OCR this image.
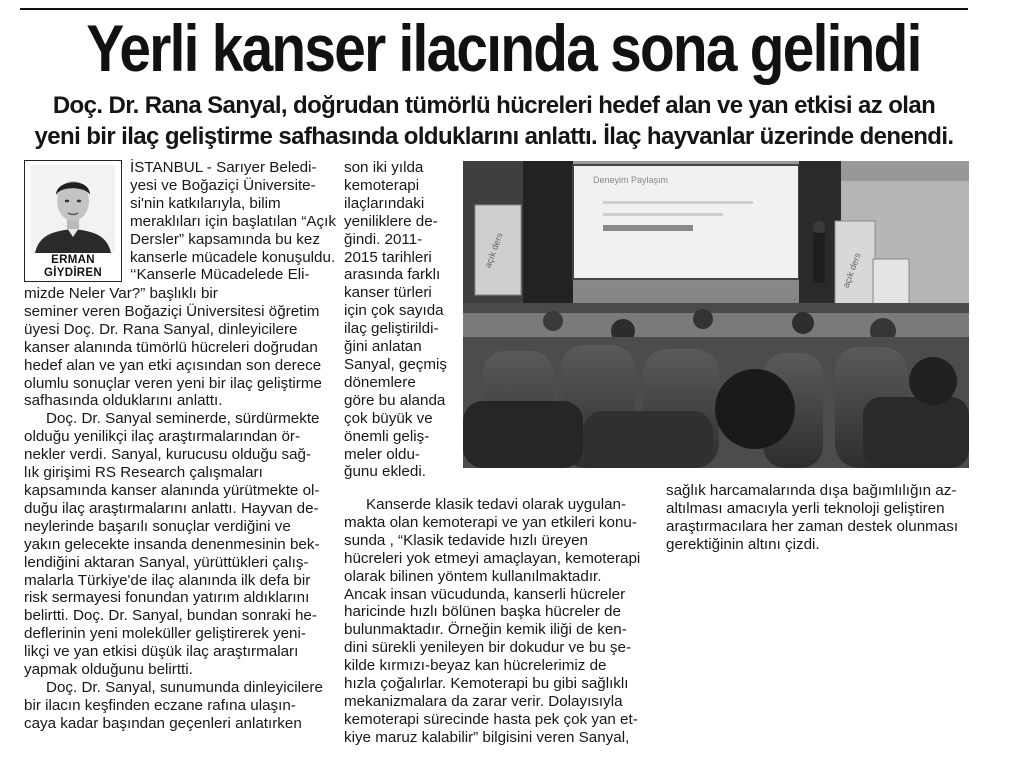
Yerli kanser ilacında sona gelindi
Doç. Dr. Rana Sanyal, doğrudan tümörlü hücreleri hedef alan ve yan etkisi az olan
yeni bir ilaç geliştirme safhasında olduklarını anlattı. İlaç hayvanlar üzerinde denendi.
ERMAN
GİYDİREN
İSTANBUL - Sarıyer Beledi-
yesi ve Boğaziçi Üniversite-
si'nin katkılarıyla, bilim
meraklıları için başlatılan “Açık
Dersler” kapsamında bu kez
kanserle mücadele konuşuldu.
‘‘Kanserle Mücadelede Eli-
mizde Neler Var?” başlıklı bir
seminer veren Boğaziçi Üniversitesi öğretim
üyesi Doç. Dr. Rana Sanyal, dinleyicilere
kanser alanında tümörlü hücreleri doğrudan
hedef alan ve yan etki açısından son derece
olumlu sonuçlar veren yeni bir ilaç geliştirme
safhasında olduklarını anlattı.
Doç. Dr. Sanyal seminerde, sürdürmekte
olduğu yenilikçi ilaç araştırmalarından ör-
nekler verdi. Sanyal, kurucusu olduğu sağ-
lık girişimi RS Research çalışmaları
kapsamında kanser alanında yürütmekte ol-
duğu ilaç araştırmalarını anlattı. Hayvan de-
neylerinde başarılı sonuçlar verdiğini ve
yakın gelecekte insanda denenmesinin bek-
lendiğini aktaran Sanyal, yürüttükleri çalış-
malarla Türkiye'de ilaç alanında ilk defa bir
risk sermayesi fonundan yatırım aldıklarını
belirtti. Doç. Dr. Sanyal, bundan sonraki he-
deflerinin yeni moleküller geliştirerek yeni-
likçi ve yan etkisi düşük ilaç araştırmaları
yapmak olduğunu belirtti.
Doç. Dr. Sanyal, sunumunda dinleyicilere
bir ilacın keşfinden eczane rafına ulaşın-
caya kadar başından geçenleri anlatırken
son iki yılda
kemoterapi
ilaçlarındaki
yeniliklere de-
ğindi. 2011-
2015 tarihleri
arasında farklı
kanser türleri
için çok sayıda
ilaç geliştirildi-
ğini anlatan
Sanyal, geçmiş
dönemlere
göre bu alanda
çok büyük ve
önemli geliş-
meler oldu-
ğunu ekledi.
Deneyim Paylaşım
açık ders
açık ders
Kanserde klasik tedavi olarak uygulan-
makta olan kemoterapi ve yan etkileri konu-
sunda , “Klasik tedavide hızlı üreyen
hücreleri yok etmeyi amaçlayan, kemoterapi
olarak bilinen yöntem kullanılmaktadır.
Ancak insan vücudunda, kanserli hücreler
haricinde hızlı bölünen başka hücreler de
bulunmaktadır. Örneğin kemik iliği de ken-
dini sürekli yenileyen bir dokudur ve bu şe-
kilde kırmızı-beyaz kan hücrelerimiz de
hızla çoğalırlar. Kemoterapi bu gibi sağlıklı
mekanizmalara da zarar verir. Dolayısıyla
kemoterapi sürecinde hasta pek çok yan et-
kiye maruz kalabilir” bilgisini veren Sanyal,
sağlık harcamalarında dışa bağımlılığın az-
altılması amacıyla yerli teknoloji geliştiren
araştırmacılara her zaman destek olunması
gerektiğinin altını çizdi.
